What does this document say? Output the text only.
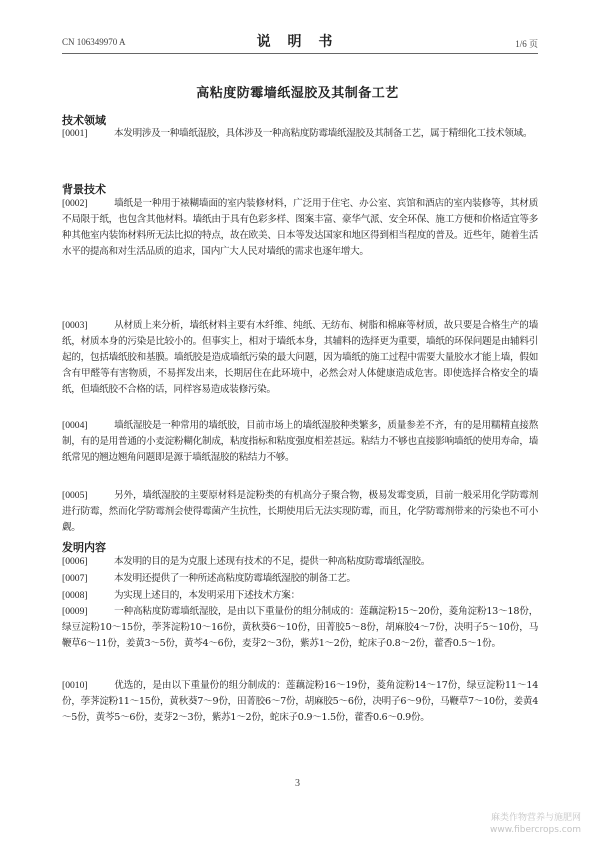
CN 106349970 A	说 明 书	1/6 页
高粘度防霉墙纸湿胶及其制备工艺
技术领域
[0001]	本发明涉及一种墙纸湿胶，具体涉及一种高粘度防霉墙纸湿胶及其制备工艺，属于精细化工技术领域。
背景技术
[0002]	墙纸是一种用于裱糊墙面的室内装修材料，广泛用于住宅、办公室、宾馆和酒店的室内装修等，其材质不局限于纸，也包含其他材料。墙纸由于具有色彩多样、图案丰富、豪华气派、安全环保、施工方便和价格适宜等多种其他室内装饰材料所无法比拟的特点，故在欧美、日本等发达国家和地区得到相当程度的普及。近些年，随着生活水平的提高和对生活品质的追求，国内广大人民对墙纸的需求也逐年增大。
[0003]	从材质上来分析，墙纸材料主要有木纤维、纯纸、无纺布、树脂和棉麻等材质，故只要是合格生产的墙纸，材质本身的污染是比较小的。但事实上，相对于墙纸本身，其辅料的选择更为重要，墙纸的环保问题是由辅料引起的，包括墙纸胶和基膜。墙纸胶是造成墙纸污染的最大问题，因为墙纸的施工过程中需要大量胶水才能上墙，假如含有甲醛等有害物质，不易挥发出来，长期居住在此环境中，必然会对人体健康造成危害。即使选择合格安全的墙纸，但墙纸胶不合格的话，同样容易造成装修污染。
[0004]	墙纸湿胶是一种常用的墙纸胶，目前市场上的墙纸湿胶种类繁多，质量参差不齐，有的是用糯精直接熬制，有的是用普通的小麦淀粉糊化制成，粘度指标和粘度强度相差甚远。粘结力不够也直接影响墙纸的使用寿命，墙纸常见的翘边翘角问题即是源于墙纸湿胶的粘结力不够。
[0005]	另外，墙纸湿胶的主要原材料是淀粉类的有机高分子聚合物，极易发霉变质，目前一般采用化学防霉剂进行防霉，然而化学防霉剂会使得霉菌产生抗性，长期使用后无法实现防霉，而且，化学防霉剂带来的污染也不可小觑。
发明内容
[0006]	本发明的目的是为克服上述现有技术的不足，提供一种高粘度防霉墙纸湿胶。
[0007]	本发明还提供了一种所述高粘度防霉墙纸湿胶的制备工艺。
[0008]	为实现上述目的，本发明采用下述技术方案：
[0009]	一种高粘度防霉墙纸湿胶，是由以下重量份的组分制成的：莲藕淀粉15～20份，菱角淀粉13～18份，绿豆淀粉10～15份，荸荠淀粉10～16份，黄秋葵6～10份，田菁胶5～8份，胡麻胶4～7份，决明子5～10份，马鞭草6～11份，姜黄3～5份，黄芩4～6份，麦芽2～3份，紫苏1～2份，蛇床子0.8～2份，藿香0.5～1份。
[0010]	优选的，是由以下重量份的组分制成的：莲藕淀粉16～19份，菱角淀粉14～17份，绿豆淀粉11～14份，荸荠淀粉11～15份，黄秋葵7～9份，田菁胶6～7份，胡麻胶5～6份，决明子6～9份，马鞭草7～10份，姜黄4～5份，黄芩5～6份，麦芽2～3份，紫苏1～2份，蛇床子0.9～1.5份，藿香0.6～0.9份。
3
麻类作物营养与施肥网
www.fibercrops.com
